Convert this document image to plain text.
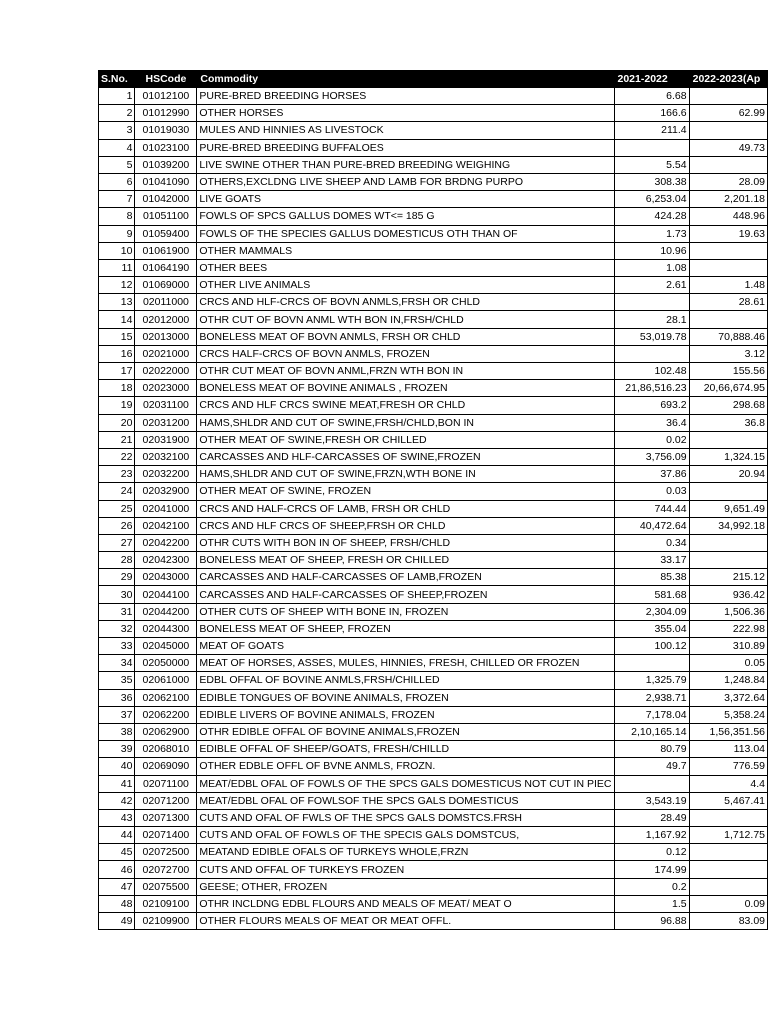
S.No.	HSCode	Commodity	2021-2022	2022-2023(Ap
1	01012100	PURE-BRED BREEDING HORSES	6.68	
2	01012990	OTHER HORSES	166.6	62.99
3	01019030	MULES AND HINNIES AS LIVESTOCK	211.4	
4	01023100	PURE-BRED BREEDING BUFFALOES		49.73
5	01039200	LIVE SWINE OTHER THAN PURE-BRED BREEDING WEIGHING	5.54	
6	01041090	OTHERS,EXCLDNG LIVE SHEEP AND LAMB FOR BRDNG PURPO	308.38	28.09
7	01042000	LIVE GOATS	6,253.04	2,201.18
8	01051100	FOWLS OF SPCS GALLUS DOMES WT<= 185 G	424.28	448.96
9	01059400	FOWLS OF THE SPECIES GALLUS DOMESTICUS OTH THAN OF	1.73	19.63
10	01061900	OTHER MAMMALS	10.96	
11	01064190	OTHER BEES	1.08	
12	01069000	OTHER LIVE ANIMALS	2.61	1.48
13	02011000	CRCS AND HLF-CRCS OF BOVN ANMLS,FRSH OR CHLD		28.61
14	02012000	OTHR CUT OF BOVN ANML WTH BON IN,FRSH/CHLD	28.1	
15	02013000	BONELESS MEAT OF BOVN ANMLS, FRSH OR CHLD	53,019.78	70,888.46
16	02021000	CRCS HALF-CRCS OF BOVN ANMLS, FROZEN		3.12
17	02022000	OTHR CUT MEAT OF BOVN ANML,FRZN WTH BON IN	102.48	155.56
18	02023000	BONELESS MEAT OF BOVINE ANIMALS , FROZEN	21,86,516.23	20,66,674.95
19	02031100	CRCS AND HLF CRCS SWINE MEAT,FRESH OR CHLD	693.2	298.68
20	02031200	HAMS,SHLDR AND CUT OF SWINE,FRSH/CHLD,BON IN	36.4	36.8
21	02031900	OTHER MEAT OF SWINE,FRESH OR CHILLED	0.02	
22	02032100	CARCASSES AND HLF-CARCASSES OF SWINE,FROZEN	3,756.09	1,324.15
23	02032200	HAMS,SHLDR AND CUT OF SWINE,FRZN,WTH BONE IN	37.86	20.94
24	02032900	OTHER MEAT OF SWINE, FROZEN	0.03	
25	02041000	CRCS AND HALF-CRCS OF LAMB, FRSH OR CHLD	744.44	9,651.49
26	02042100	CRCS AND HLF CRCS OF SHEEP,FRSH OR CHLD	40,472.64	34,992.18
27	02042200	OTHR CUTS WITH BON IN OF SHEEP, FRSH/CHLD	0.34	
28	02042300	BONELESS MEAT OF SHEEP, FRESH OR CHILLED	33.17	
29	02043000	CARCASSES AND HALF-CARCASSES OF LAMB,FROZEN	85.38	215.12
30	02044100	CARCASSES AND HALF-CARCASSES OF SHEEP,FROZEN	581.68	936.42
31	02044200	OTHER CUTS OF SHEEP WITH BONE IN, FROZEN	2,304.09	1,506.36
32	02044300	BONELESS MEAT OF SHEEP, FROZEN	355.04	222.98
33	02045000	MEAT OF GOATS	100.12	310.89
34	02050000	MEAT OF HORSES, ASSES, MULES, HINNIES, FRESH, CHILLED OR FROZEN		0.05
35	02061000	EDBL OFFAL OF BOVINE ANMLS,FRSH/CHILLED	1,325.79	1,248.84
36	02062100	EDIBLE TONGUES OF BOVINE ANIMALS, FROZEN	2,938.71	3,372.64
37	02062200	EDIBLE LIVERS OF BOVINE ANIMALS, FROZEN	7,178.04	5,358.24
38	02062900	OTHR EDIBLE OFFAL OF BOVINE ANIMALS,FROZEN	2,10,165.14	1,56,351.56
39	02068010	EDIBLE OFFAL OF SHEEP/GOATS, FRESH/CHILLD	80.79	113.04
40	02069090	OTHER EDBLE OFFL OF BVNE ANMLS, FROZN.	49.7	776.59
41	02071100	MEAT/EDBL OFAL OF FOWLS OF THE SPCS GALS DOMESTICUS NOT CUT IN PIEC		4.4
42	02071200	MEAT/EDBL OFAL OF FOWLSOF THE SPCS GALS DOMESTICUS	3,543.19	5,467.41
43	02071300	CUTS AND OFAL OF FWLS OF THE SPCS GALS DOMSTCS.FRSH	28.49	
44	02071400	CUTS AND OFAL OF FOWLS OF THE SPECIS GALS DOMSTCUS,	1,167.92	1,712.75
45	02072500	MEATAND EDIBLE OFALS OF TURKEYS WHOLE,FRZN	0.12	
46	02072700	CUTS AND OFFAL OF TURKEYS FROZEN	174.99	
47	02075500	GEESE; OTHER, FROZEN	0.2	
48	02109100	OTHR INCLDNG EDBL FLOURS AND MEALS OF MEAT/ MEAT O	1.5	0.09
49	02109900	OTHER FLOURS MEALS OF MEAT OR MEAT OFFL.	96.88	83.09
